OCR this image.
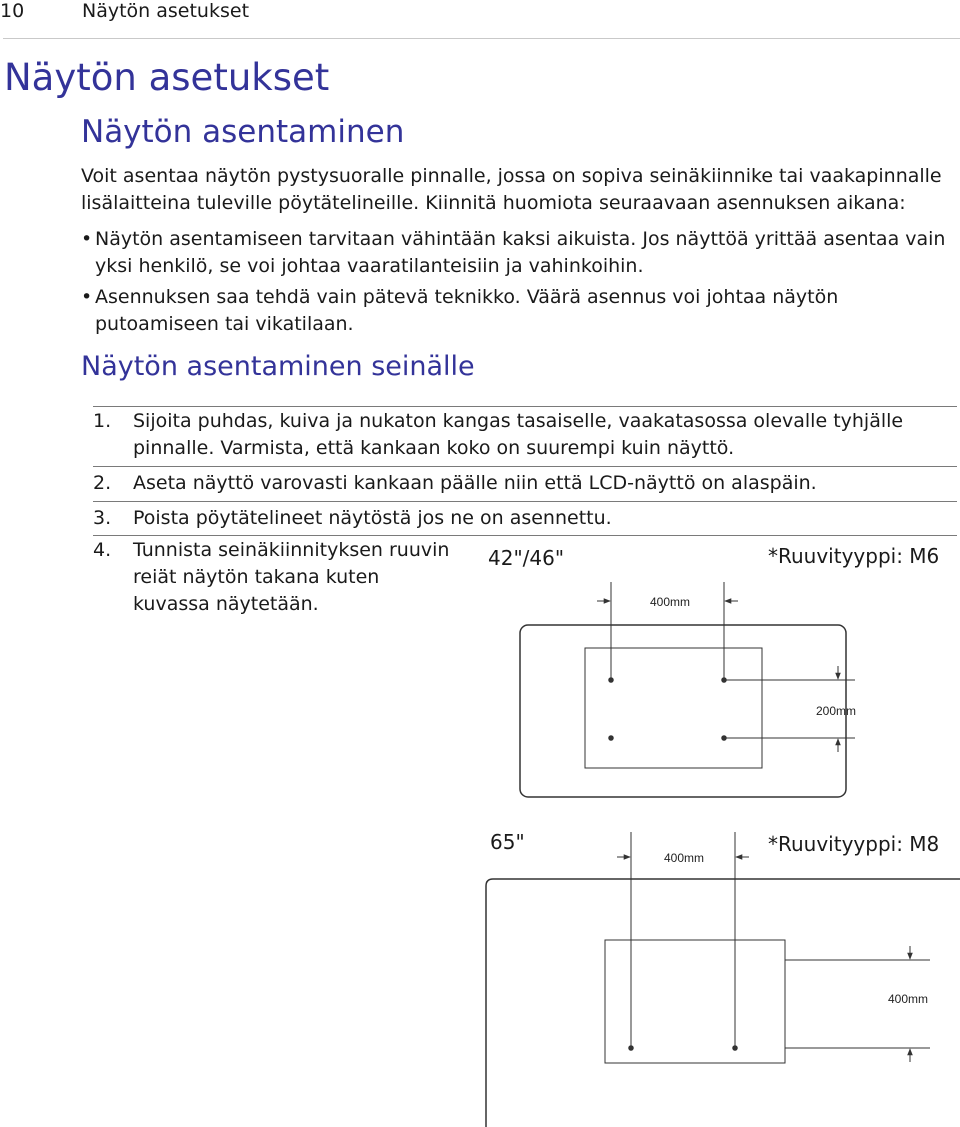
10	Näytön asetukset
Näytön asetukset
Näytön asentaminen
Voit asentaa näytön pystysuoralle pinnalle, jossa on sopiva seinäkiinnike tai vaakapinnalle lisälaitteina tuleville pöytätelineille. Kiinnitä huomiota seuraavaan asennuksen aikana:
• Näytön asentamiseen tarvitaan vähintään kaksi aikuista. Jos näyttöä yrittää asentaa vain yksi henkilö, se voi johtaa vaaratilanteisiin ja vahinkoihin.
• Asennuksen saa tehdä vain pätevä teknikko. Väärä asennus voi johtaa näytön putoamiseen tai vikatilaan.
Näytön asentaminen seinälle
1. Sijoita puhdas, kuiva ja nukaton kangas tasaiselle, vaakatasossa olevalle tyhjälle pinnalle. Varmista, että kankaan koko on suurempi kuin näyttö.
2. Aseta näyttö varovasti kankaan päälle niin että LCD-näyttö on alaspäin.
3. Poista pöytätelineet näytöstä jos ne on asennettu.
4. Tunnista seinäkiinnityksen ruuvin reiät näytön takana kuten kuvassa näytetään.
42"/46"	*Ruuvityyppi: M6
65"	*Ruuvityyppi: M8
400mm
200mm
400mm
400mm
